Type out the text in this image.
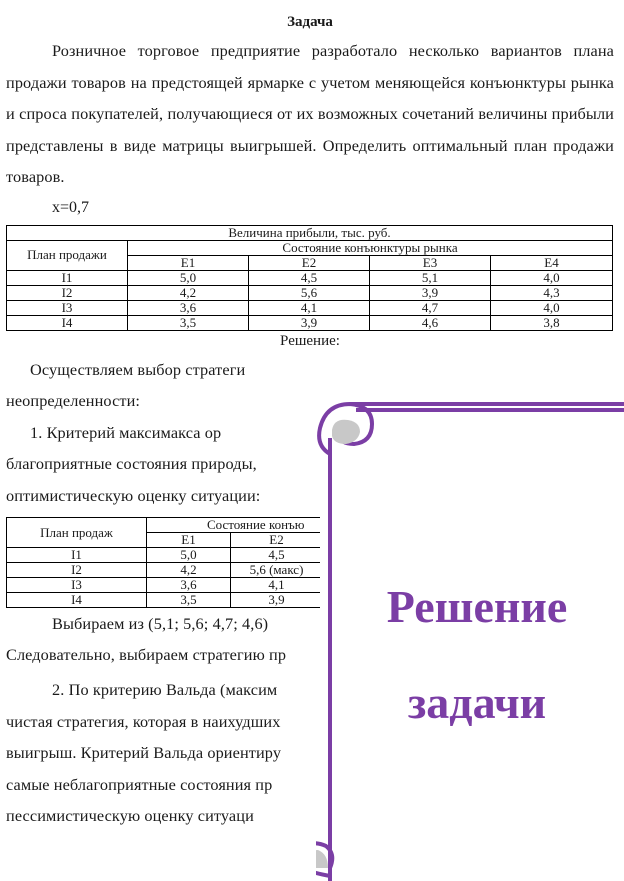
Задача

Розничное торговое предприятие разработало несколько вариантов плана продажи товаров на предстоящей ярмарке с учетом меняющейся конъюнктуры рынка и спроса покупателей, получающиеся от их возможных сочетаний величины прибыли представлены в виде матрицы выигрышей. Определить оптимальный план продажи товаров.

x=0,7
Величина прибыли, тыс. руб.				
План продажи	Состояние конъюнктуры рынка			
	E1	E2	E3	E4
I1	5,0	4,5	5,1	4,0
I2	4,2	5,6	3,9	4,3
I3	3,6	4,1	4,7	4,0
I4	3,5	3,9	4,6	3,8
Решение:

Осуществляем выбор стратеги

неопределенности:

1. Критерий максимакса ор

благоприятные состояния природы,

оптимистическую оценку ситуации:

План продаж	Состояние конъю	
	E1	E2
I1	5,0	4,5
I2	4,2	5,6 (макс)
I3	3,6	4,1
I4	3,5	3,9

Выбираем из (5,1; 5,6; 4,7; 4,6)

Следовательно, выбираем стратегию пр

2. По критерию Вальда (максим

чистая стратегия, которая в наихудших

выигрыш. Критерий Вальда ориентиру

самые неблагоприятные состояния пр

пессимистическую оценку ситуаци

Решение
задачи
